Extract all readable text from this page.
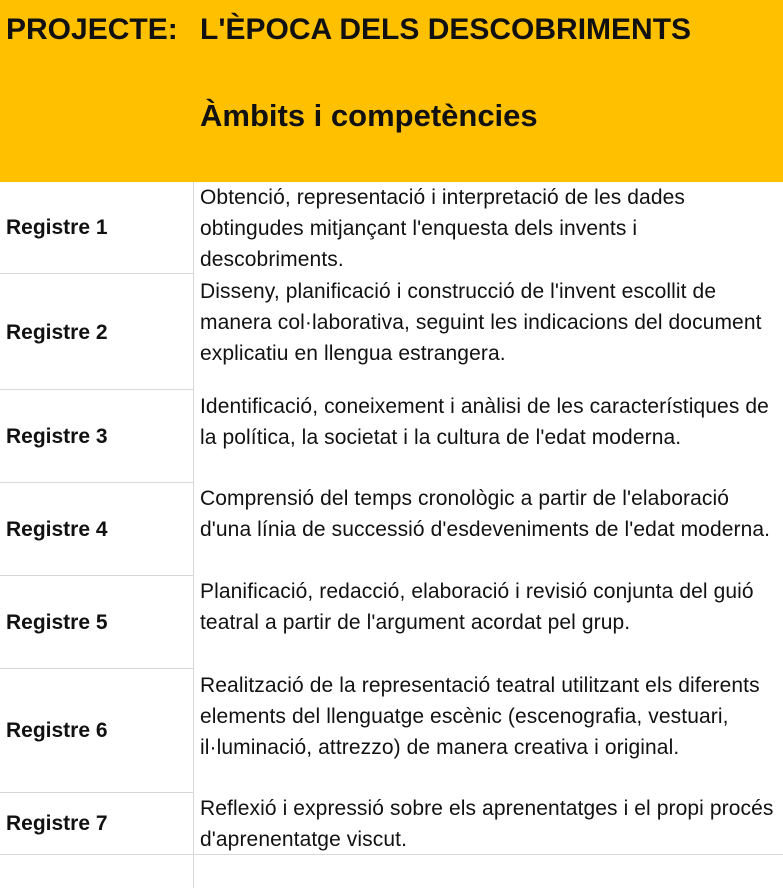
PROJECTE: L'ÈPOCA DELS DESCOBRIMENTS
Àmbits i competències
Registre 1
Obtenció, representació i interpretació de les dades obtingudes mitjançant l'enquesta dels invents i descobriments.
Registre 2
Disseny, planificació i construcció de l'invent escollit de manera col·laborativa, seguint les indicacions del document explicatiu en llengua estrangera.
Registre 3
Identificació, coneixement i anàlisi de les característiques de la política, la societat i la cultura de l'edat moderna.
Registre 4
Comprensió del temps cronològic a partir de l'elaboració d'una línia de successió d'esdeveniments de l'edat moderna.
Registre 5
Planificació, redacció, elaboració i revisió conjunta del guió teatral a partir de l'argument acordat pel grup.
Registre 6
Realització de la representació teatral utilitzant els diferents elements del llenguatge escènic (escenografia, vestuari, il·luminació, attrezzo) de manera creativa i original.
Registre 7
Reflexió i expressió sobre els aprenentatges i el propi procés d'aprenentatge viscut.
